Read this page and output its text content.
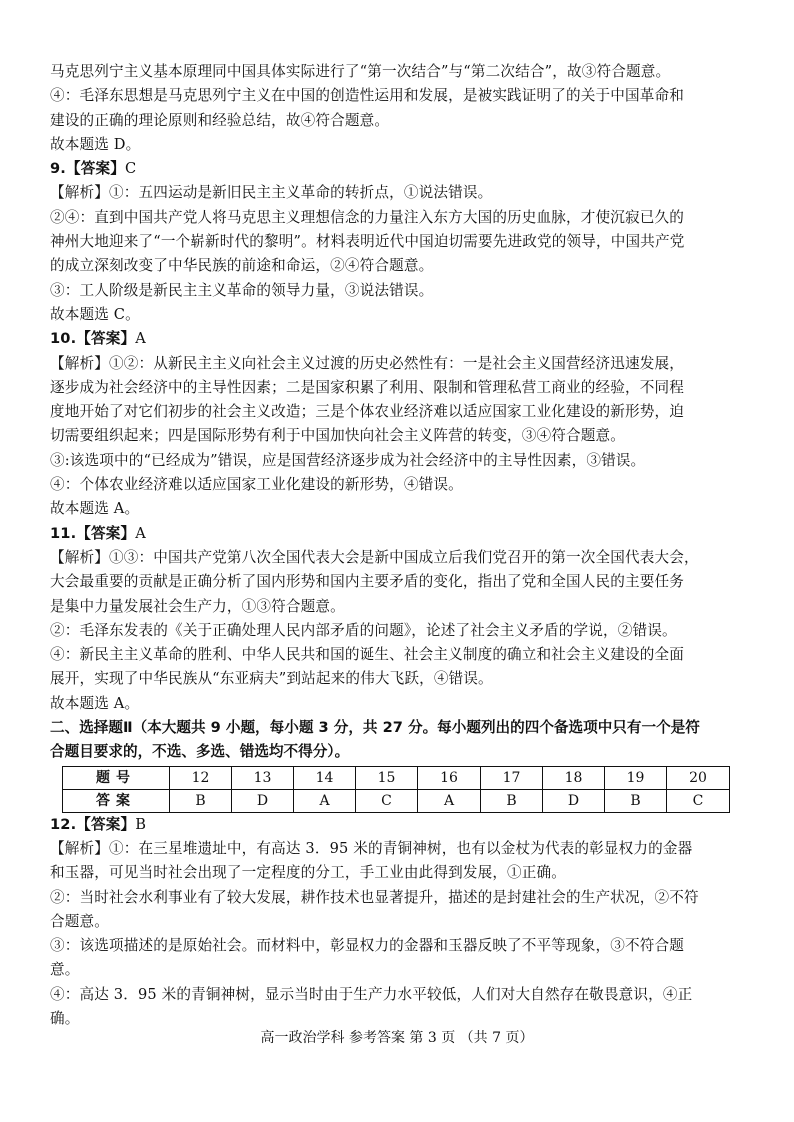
马克思列宁主义基本原理同中国具体实际进行了“第一次结合”与“第二次结合”，故③符合题意。
④：毛泽东思想是马克思列宁主义在中国的创造性运用和发展，是被实践证明了的关于中国革命和
建设的正确的理论原则和经验总结，故④符合题意。
故本题选 D。
9.【答案】C
【解析】①：五四运动是新旧民主主义革命的转折点，①说法错误。
②④：直到中国共产党人将马克思主义理想信念的力量注入东方大国的历史血脉，才使沉寂已久的
神州大地迎来了“一个崭新时代的黎明”。材料表明近代中国迫切需要先进政党的领导，中国共产党
的成立深刻改变了中华民族的前途和命运，②④符合题意。
③：工人阶级是新民主主义革命的领导力量，③说法错误。
故本题选 C。
10.【答案】A
【解析】①②：从新民主主义向社会主义过渡的历史必然性有：一是社会主义国营经济迅速发展，
逐步成为社会经济中的主导性因素；二是国家积累了利用、限制和管理私营工商业的经验，不同程
度地开始了对它们初步的社会主义改造；三是个体农业经济难以适应国家工业化建设的新形势，迫
切需要组织起来；四是国际形势有利于中国加快向社会主义阵营的转变，③④符合题意。
③:该选项中的“已经成为”错误，应是国营经济逐步成为社会经济中的主导性因素，③错误。
④：个体农业经济难以适应国家工业化建设的新形势，④错误。
故本题选 A。
11.【答案】A
【解析】①③：中国共产党第八次全国代表大会是新中国成立后我们党召开的第一次全国代表大会，
大会最重要的贡献是正确分析了国内形势和国内主要矛盾的变化，指出了党和全国人民的主要任务
是集中力量发展社会生产力，①③符合题意。
②：毛泽东发表的《关于正确处理人民内部矛盾的问题》，论述了社会主义矛盾的学说，②错误。
④：新民主主义革命的胜利、中华人民共和国的诞生、社会主义制度的确立和社会主义建设的全面
展开，实现了中华民族从“东亚病夫”到站起来的伟大飞跃，④错误。
故本题选 A。
二、选择题Ⅱ（本大题共 9 小题，每小题 3 分，共 27 分。每小题列出的四个备选项中只有一个是符
合题目要求的，不选、多选、错选均不得分）。
题号	12	13	14	15	16	17	18	19	20
答案	B	D	A	C	A	B	D	B	C
12.【答案】B
【解析】①：在三星堆遗址中，有高达 3．95 米的青铜神树，也有以金杖为代表的彰显权力的金器
和玉器，可见当时社会出现了一定程度的分工，手工业由此得到发展，①正确。
②：当时社会水利事业有了较大发展，耕作技术也显著提升，描述的是封建社会的生产状况，②不符
合题意。
③：该选项描述的是原始社会。而材料中，彰显权力的金器和玉器反映了不平等现象，③不符合题
意。
④：高达 3．95 米的青铜神树，显示当时由于生产力水平较低，人们对大自然存在敬畏意识，④正
确。
高一政治学科 参考答案 第 3 页 （共 7 页）
